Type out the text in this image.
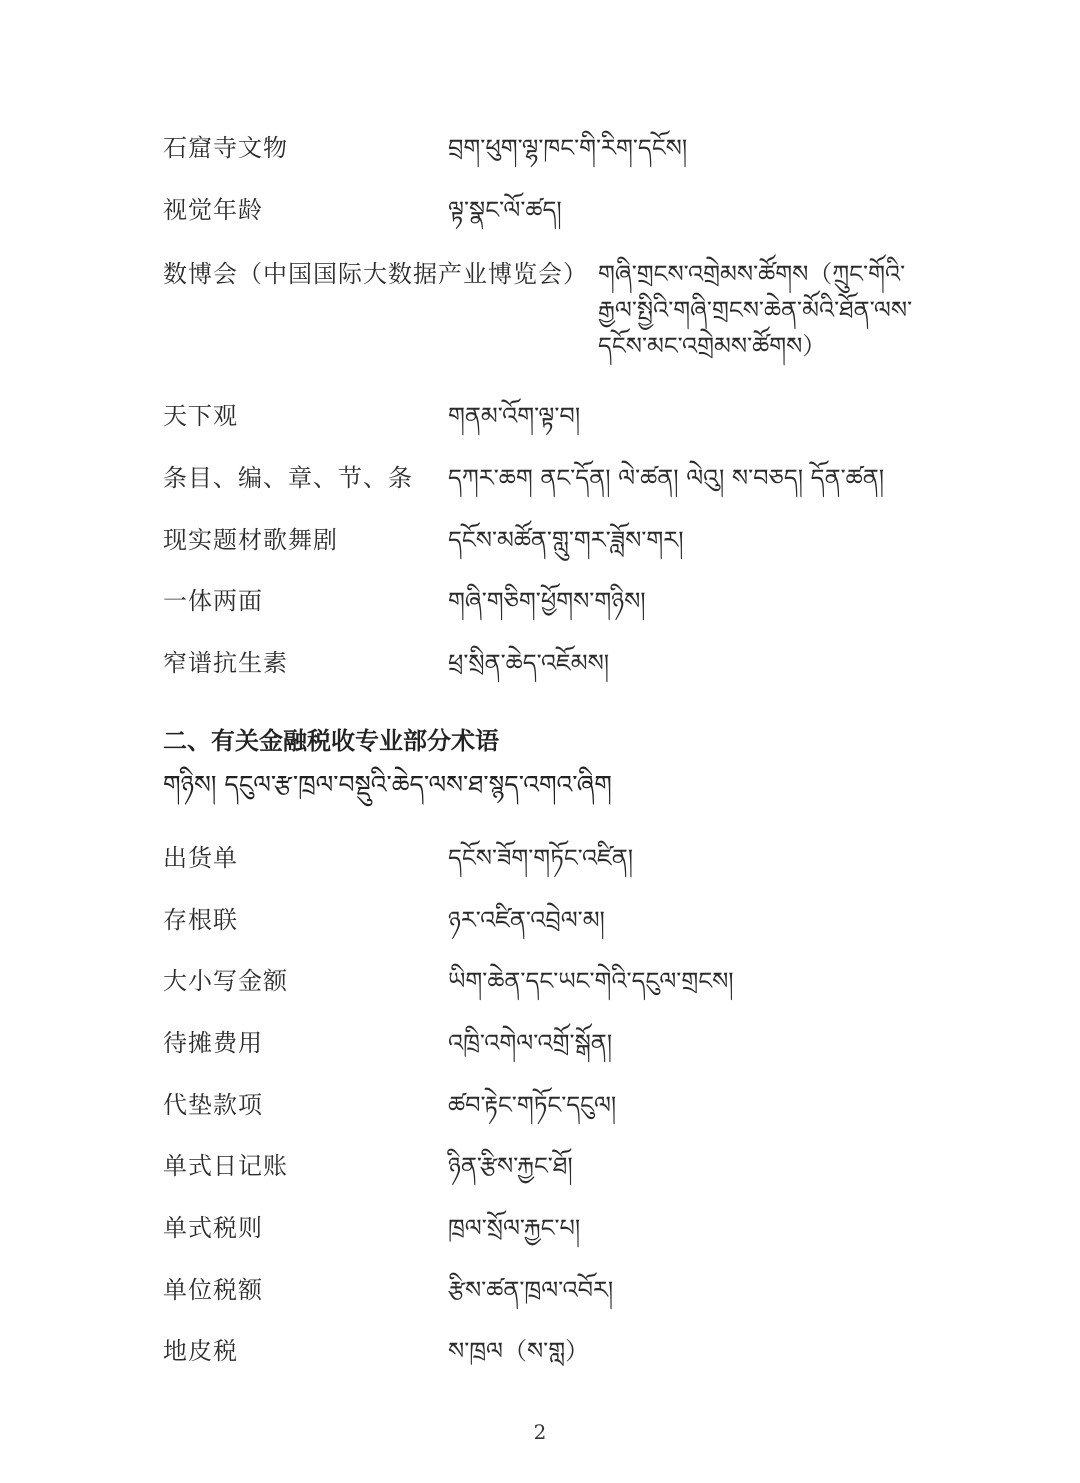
石窟寺文物	བྲག་ཕུག་ལྷ་ཁང་གི་རིག་དངོས།
视觉年龄	ལྟ་སྣང་ལོ་ཚད།
数博会（中国国际大数据产业博览会） གཞི་གྲངས་འགྲེམས་ཚོགས（ཀྲུང་གོའི་རྒྱལ་སྤྱིའི་གཞི་གྲངས་ཆེན་མོའི་ཐོན་ལས་དངོས་མང་འགྲེམས་ཚོགས）
天下观	གནམ་འོག་ལྟ་བ།
条目、编、章、节、条 དཀར་ཆག ནང་དོན། ལེ་ཚན། ལེའུ། ས་བཅད། དོན་ཚན།
现实题材歌舞剧	དངོས་མཚོན་གླུ་གར་ཟློས་གར།
一体两面	གཞི་གཅིག་ཕྱོགས་གཉིས།
窄谱抗生素	ཕྲ་སྲིན་ཆེད་འཇོམས།
二、有关金融税收专业部分术语
གཉིས། དངུལ་རྩ་ཁྲལ་བསྡུའི་ཆེད་ལས་ཐ་སྙད་འགའ་ཞིག
出货单	དངོས་ཟོག་གཏོང་འཛིན།
存根联	ཉར་འཛིན་འབྲེལ་མ།
大小写金额	ཡིག་ཆེན་དང་ཡང་གེའི་དངུལ་གྲངས།
待摊费用	འཁྲི་འགེལ་འགྲོ་སྒོན།
代垫款项	ཚབ་རྟེང་གཏོང་དངུལ།
单式日记账	ཉིན་རྩིས་རྐྱང་ཐོ།
单式税则	ཁྲལ་སྲོལ་རྐྱང་པ།
单位税额	རྩིས་ཚན་ཁྲལ་འབོར།
地皮税	ས་ཁྲལ（ས་གླ）
2
